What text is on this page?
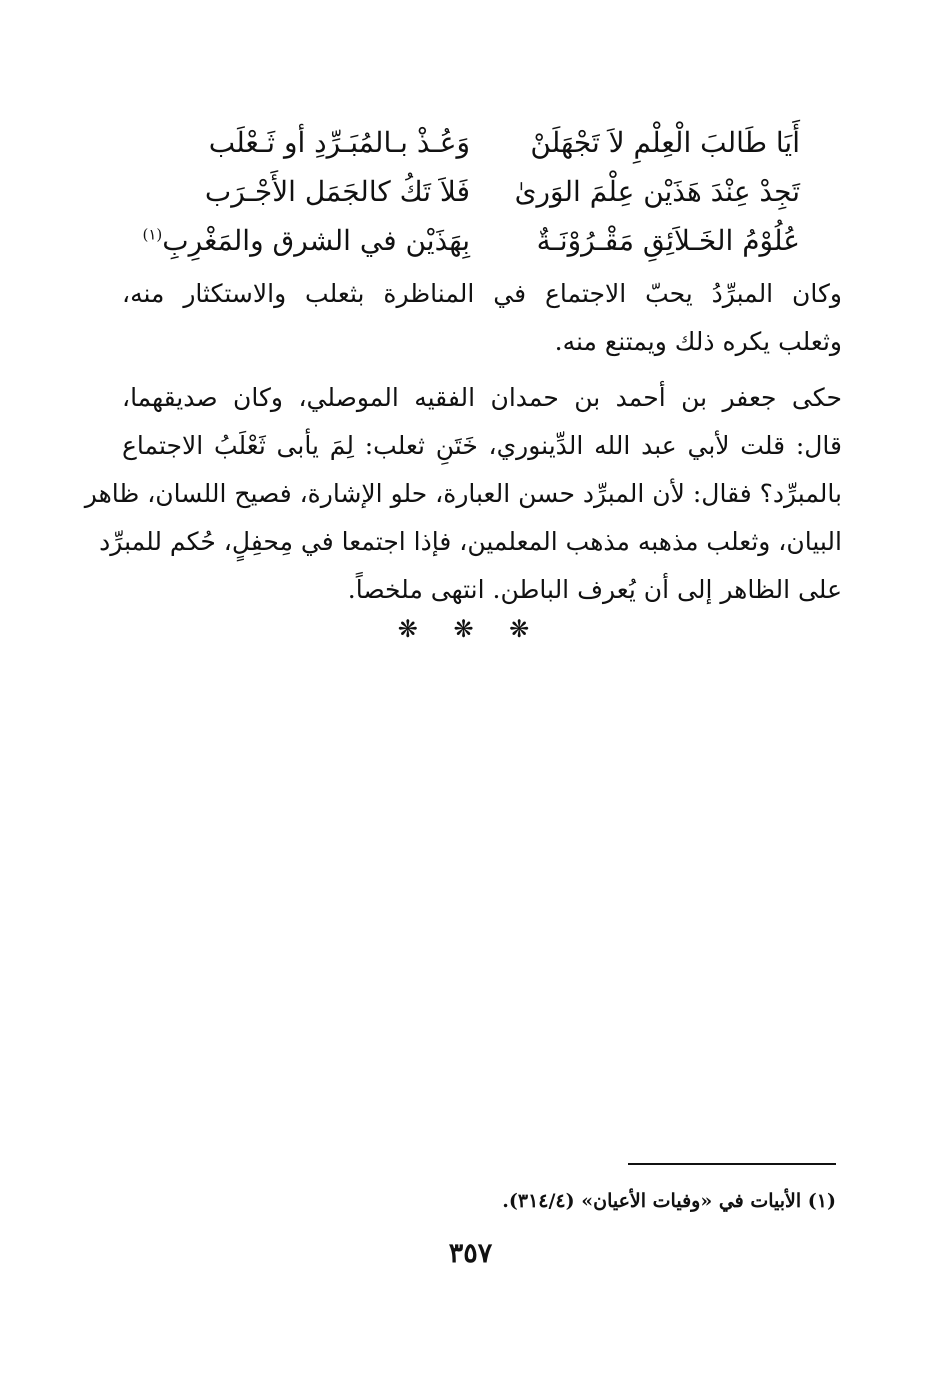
أَيَا طَالبَ الْعِلْمِ لاَ تَجْهَلَنْ
وَعُـذْ بـالمُبَـرِّدِ أو ثَـعْلَب
تَجِدْ عِنْدَ هَذَيْن عِلْمَ الوَرىٰ
فَلاَ تَكُ كالجَمَل الأَجْـرَب
عُلُوْمُ الخَـلاَئِقِ مَقْـرُوْنَـةٌ
بِهَذَيْن في الشرق والمَغْرِبِ$^{(١)}$
وكان المبرِّدُ يحبّ الاجتماع في المناظرة بثعلب والاستكثار منه،
وثعلب يكره ذلك ويمتنع منه.
حكى جعفر بن أحمد بن حمدان الفقيه الموصلي، وكان صديقهما،
قال: قلت لأبي عبد الله الدِّينوري، خَتَنِ ثعلب: لِمَ يأبى ثَعْلَبُ الاجتماع
بالمبرِّد؟ فقال: لأن المبرِّد حسن العبارة، حلو الإشارة، فصيح اللسان، ظاهر
البيان، وثعلب مذهبه مذهب المعلمين، فإذا اجتمعا في مِحفِلٍ، حُكم للمبرِّد
على الظاهر إلى أن يُعرف الباطن. انتهى ملخصاً.
❋ ❋ ❋
(١) الأبيات في «وفيات الأعيان» (٣١٤/٤).
٣٥٧
